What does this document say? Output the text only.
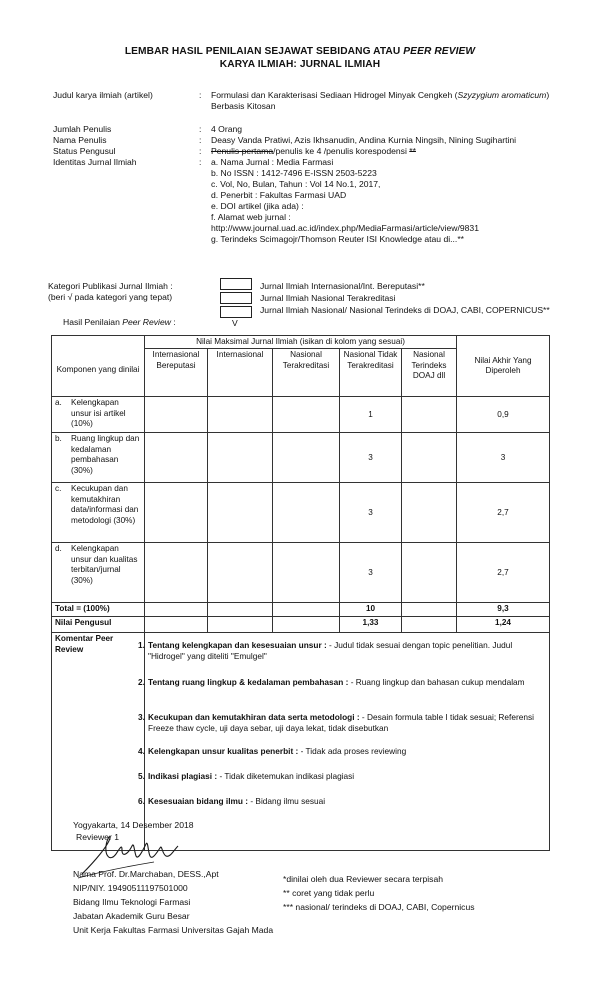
LEMBAR HASIL PENILAIAN SEJAWAT SEBIDANG ATAU PEER REVIEW
KARYA ILMIAH: JURNAL ILMIAH
Judul karya ilmiah (artikel)	: Formulasi dan Karakterisasi Sediaan Hidrogel Minyak Cengkeh (Szyzygium aromaticum)
Berbasis Kitosan
Jumlah Penulis	: 4 Orang
Nama Penulis	: Deasy Vanda Pratiwi, Azis Ikhsanudin, Andina Kurnia Ningsih, Nining Sugihartini
Status Pengusul	: Penulis pertama/penulis ke 4 /penulis korespodensi **
Identitas Jurnal Ilmiah	: a. Nama Jurnal : Media Farmasi
b. No ISSN : 1412-7496 E-ISSN 2503-5223
c. Vol, No, Bulan, Tahun : Vol 14 No.1, 2017,
d. Penerbit : Fakultas Farmasi UAD
e. DOI artikel (jika ada) :
f. Alamat web jurnal :
http://www.journal.uad.ac.id/index.php/MediaFarmasi/article/view/9831
g. Terindeks Scimagojr/Thomson Reuter ISI Knowledge atau di...**
Kategori Publikasi Jurnal Ilmiah :
(beri √ pada kategori yang tepat)
Jurnal Ilmiah Internasional/Int. Bereputasi**
Jurnal Ilmiah Nasional Terakreditasi
Jurnal Ilmiah Nasional/ Nasional Terindeks di DOAJ, CABI, COPERNICUS**
Hasil Penilaian Peer Review :	V
Komponen yang dinilai	Nilai Maksimal Jurnal Ilmiah (isikan di kolom yang sesuai)					Nilai Akhir Yang Diperoleh
	Internasional Bereputasi	Internasional	Nasional Terakreditasi	Nasional Tidak Terakreditasi	Nasional Terindeks DOAJ dll	

a. Kelengkapan unsur isi artikel (10%)				1		0,9

b. Ruang lingkup dan kedalaman pembahasan (30%)				3		3

c. Kecukupan dan kemutakhiran data/informasi dan metodologi (30%)				3		2,7

d. Kelengkapan unsur dan kualitas terbitan/jurnal (30%)				3		2,7
Total = (100%)				10		9,3
Nilai Pengusul				1,33		1,24
Komentar Peer Review							1. Tentang kelengkapan dan kesesuaian unsur : - Judul tidak sesuai dengan topic penelitian. Judul "Hidrogel" yang diteliti "Emulgel"
2. Tentang ruang lingkup & kedalaman pembahasan : - Ruang lingkup dan bahasan cukup mendalam
3. Kecukupan dan kemutakhiran data serta metodologi : - Desain formula table I tidak sesuai; Referensi Freeze thaw cycle, uji daya sebar, uji daya lekat, tidak disebutkan
4. Kelengkapan unsur kualitas penerbit : - Tidak ada proses reviewing
5. Indikasi plagiasi : - Tidak diketemukan indikasi plagiasi
6. Kesesuaian bidang ilmu : - Bidang ilmu sesuai
Yogyakarta, 14 Desember 2018
Reviewer 1
Nama Prof. Dr.Marchaban, DESS.,Apt
NIP/NIY. 19490511197501000
Bidang Ilmu Teknologi Farmasi
Jabatan Akademik Guru Besar
Unit Kerja Fakultas Farmasi Universitas Gajah Mada
*dinilai oleh dua Reviewer secara terpisah
** coret yang tidak perlu
*** nasional/ terindeks di DOAJ, CABI, Copernicus
